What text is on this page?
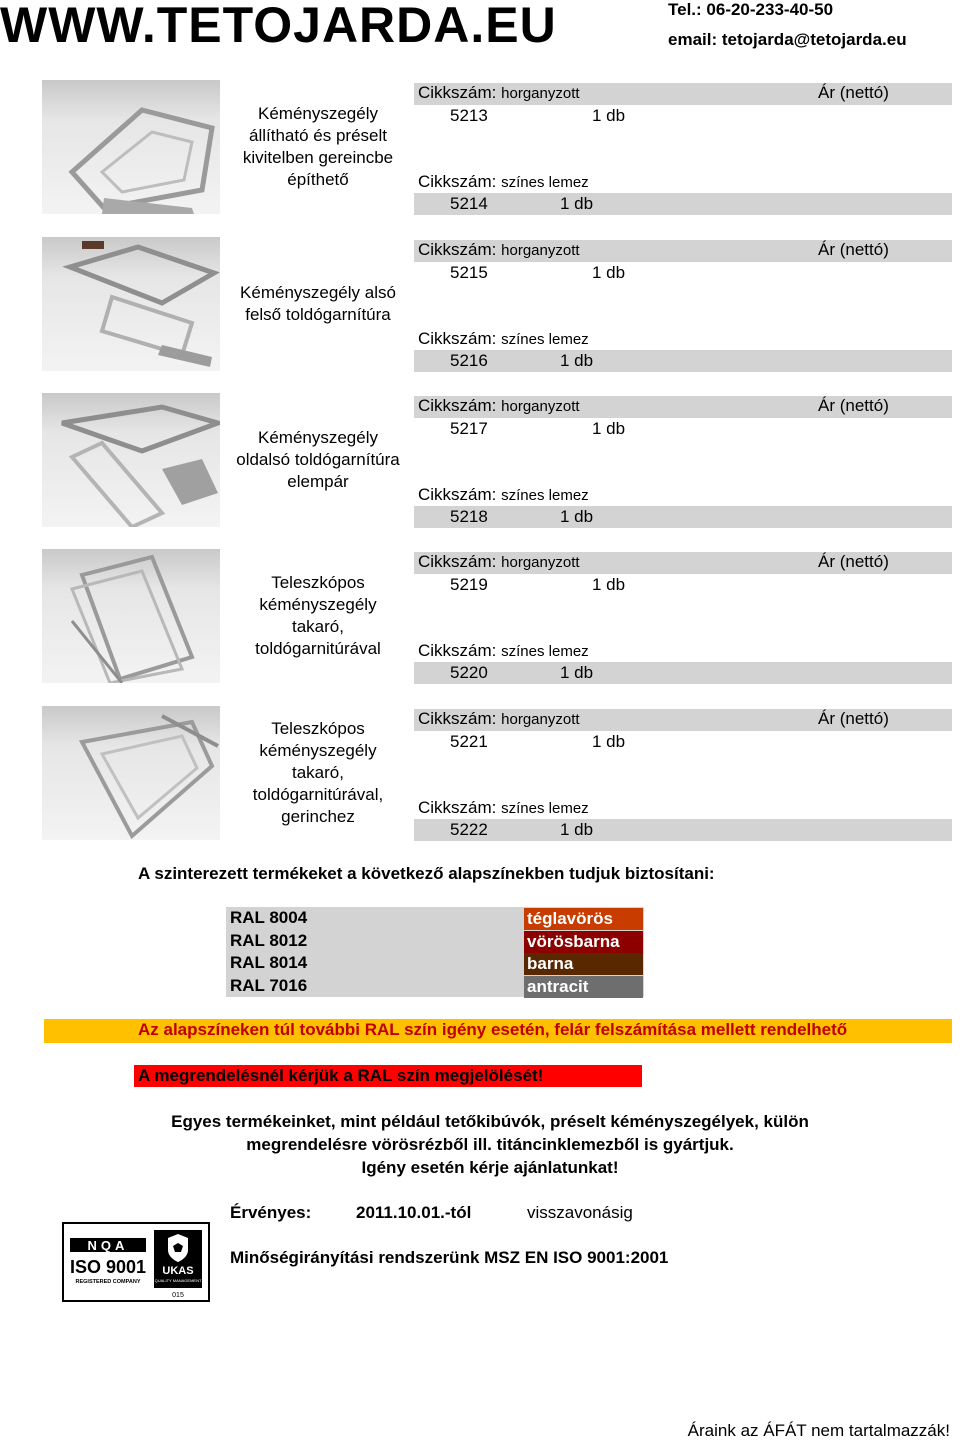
WWW.TETOJARDA.EU	Tel.: 06-20-233-40-50
email: tetojarda@tetojarda.eu
Kéményszegély állítható és préselt kivitelben gereincbe építhető
Cikkszám: horganyzott	Ár (nettó)
5213	1 db
Cikkszám: színes lemez
5214	1 db
Kéményszegély alsó felső toldógarnítúra
Cikkszám: horganyzott	Ár (nettó)
5215	1 db
Cikkszám: színes lemez
5216	1 db
Kéményszegély oldalsó toldógarnítúra elempár
Cikkszám: horganyzott	Ár (nettó)
5217	1 db
Cikkszám: színes lemez
5218	1 db
Teleszkópos kéményszegély takaró, toldógarnitúrával
Cikkszám: horganyzott	Ár (nettó)
5219	1 db
Cikkszám: színes lemez
5220	1 db
Teleszkópos kéményszegély takaró, toldógarnitúrával, gerinchez
Cikkszám: horganyzott	Ár (nettó)
5221	1 db
Cikkszám: színes lemez
5222	1 db
A szinterezett termékeket a következő alapszínekben tudjuk biztosítani:
RAL 8004	téglavörös
RAL 8012	vörösbarna
RAL 8014	barna
RAL 7016	antracit
Az alapszíneken túl további RAL szín igény esetén, felár felszámítása mellett rendelhető
A megrendelésnél kérjük a RAL szín megjelölését!
Egyes termékeinket, mint például tetőkibúvók, préselt kéményszegélyek, külön
megrendelésre vörösrézből ill. titáncinklemezből is gyártjuk.
Igény esetén kérje ajánlatunkat!
Érvényes:	2011.10.01.-tól	visszavonásig
NQA
ISO 9001
REGISTERED COMPANY
UKAS
QUALITY MANAGEMENT
015
Minőségirányítási rendszerünk MSZ EN ISO 9001:2001
Áraink az ÁFÁT nem tartalmazzák!
